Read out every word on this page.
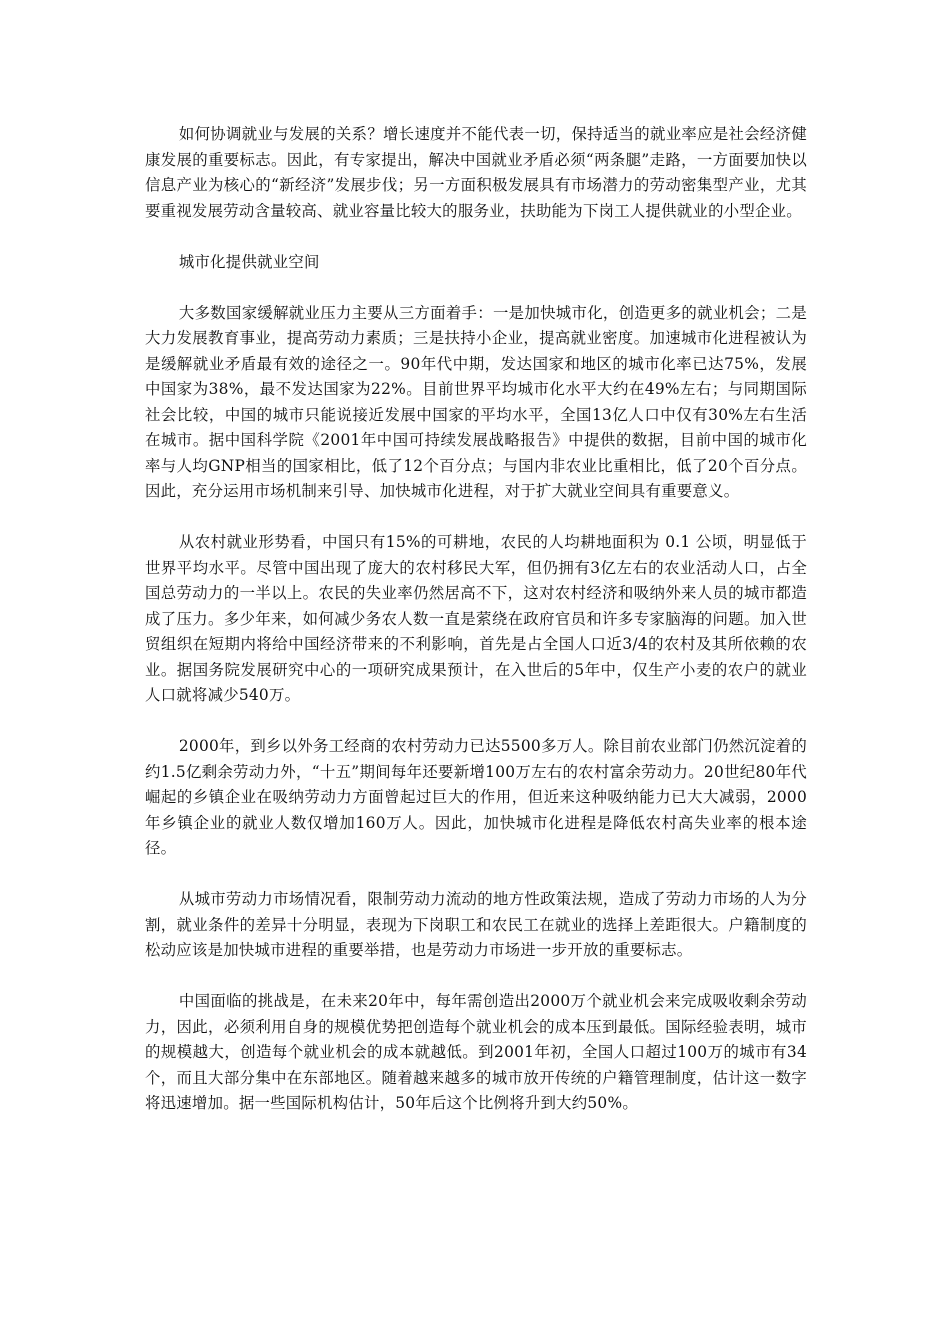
如何协调就业与发展的关系？增长速度并不能代表一切，保持适当的就业率应是社会经济健康发展的重要标志。因此，有专家提出，解决中国就业矛盾必须“两条腿”走路，一方面要加快以信息产业为核心的“新经济”发展步伐；另一方面积极发展具有市场潜力的劳动密集型产业，尤其要重视发展劳动含量较高、就业容量比较大的服务业，扶助能为下岗工人提供就业的小型企业。

城市化提供就业空间

大多数国家缓解就业压力主要从三方面着手：一是加快城市化，创造更多的就业机会；二是大力发展教育事业，提高劳动力素质；三是扶持小企业，提高就业密度。加速城市化进程被认为是缓解就业矛盾最有效的途径之一。90年代中期，发达国家和地区的城市化率已达75%，发展中国家为38%，最不发达国家为22%。目前世界平均城市化水平大约在49%左右；与同期国际社会比较，中国的城市只能说接近发展中国家的平均水平，全国13亿人口中仅有30%左右生活在城市。据中国科学院《2001年中国可持续发展战略报告》中提供的数据，目前中国的城市化率与人均GNP相当的国家相比，低了12个百分点；与国内非农业比重相比，低了20个百分点。因此，充分运用市场机制来引导、加快城市化进程，对于扩大就业空间具有重要意义。

从农村就业形势看，中国只有15%的可耕地，农民的人均耕地面积为 0.1 公顷，明显低于世界平均水平。尽管中国出现了庞大的农村移民大军，但仍拥有3亿左右的农业活动人口，占全国总劳动力的一半以上。农民的失业率仍然居高不下，这对农村经济和吸纳外来人员的城市都造成了压力。多少年来，如何减少务农人数一直是萦绕在政府官员和许多专家脑海的问题。加入世贸组织在短期内将给中国经济带来的不利影响，首先是占全国人口近3/4的农村及其所依赖的农业。据国务院发展研究中心的一项研究成果预计，在入世后的5年中，仅生产小麦的农户的就业人口就将减少540万。

2000年，到乡以外务工经商的农村劳动力已达5500多万人。除目前农业部门仍然沉淀着的约1.5亿剩余劳动力外，“十五”期间每年还要新增100万左右的农村富余劳动力。20世纪80年代崛起的乡镇企业在吸纳劳动力方面曾起过巨大的作用，但近来这种吸纳能力已大大减弱，2000年乡镇企业的就业人数仅增加160万人。因此，加快城市化进程是降低农村高失业率的根本途径。

从城市劳动力市场情况看，限制劳动力流动的地方性政策法规，造成了劳动力市场的人为分割，就业条件的差异十分明显，表现为下岗职工和农民工在就业的选择上差距很大。户籍制度的松动应该是加快城市进程的重要举措，也是劳动力市场进一步开放的重要标志。

中国面临的挑战是，在未来20年中，每年需创造出2000万个就业机会来完成吸收剩余劳动力，因此，必须利用自身的规模优势把创造每个就业机会的成本压到最低。国际经验表明，城市的规模越大，创造每个就业机会的成本就越低。到2001年初，全国人口超过100万的城市有34个，而且大部分集中在东部地区。随着越来越多的城市放开传统的户籍管理制度，估计这一数字将迅速增加。据一些国际机构估计，50年后这个比例将升到大约50%。
